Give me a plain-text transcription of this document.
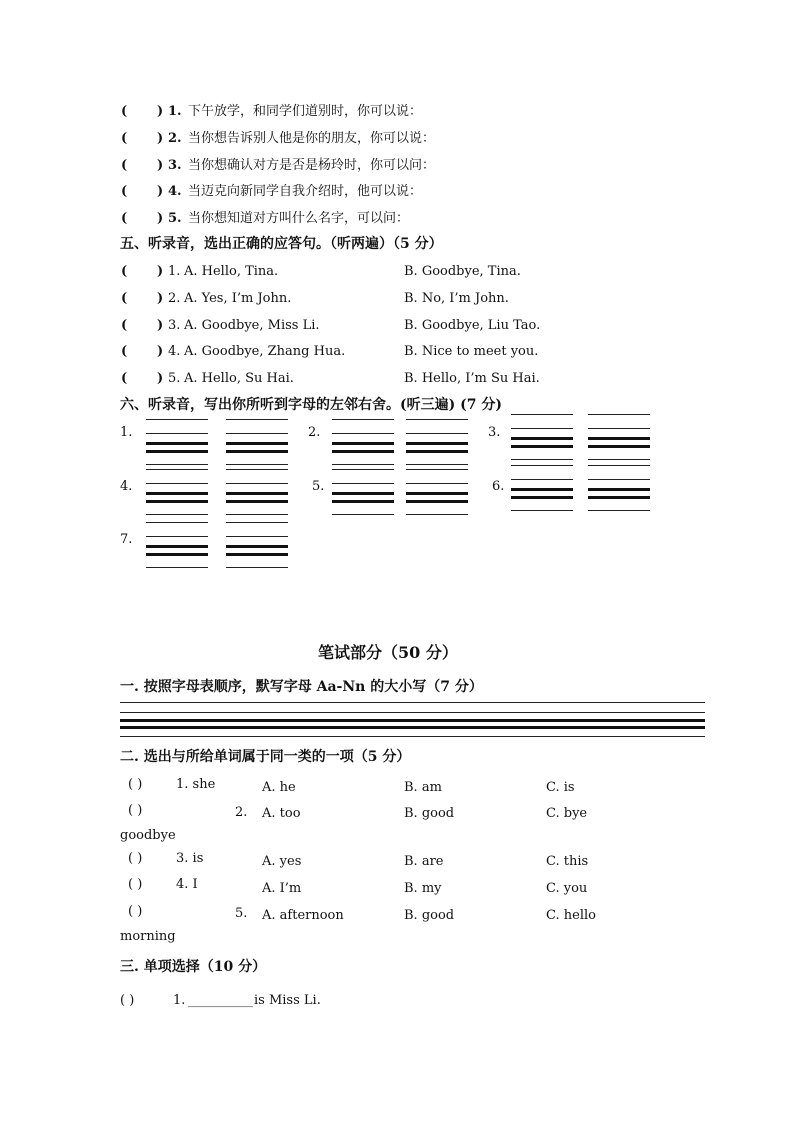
( ) 1. 下午放学，和同学们道别时，你可以说：
( ) 2. 当你想告诉别人他是你的朋友，你可以说：
( ) 3. 当你想确认对方是否是杨玲时，你可以问：
( ) 4. 当迈克向新同学自我介绍时，他可以说：
( ) 5. 当你想知道对方叫什么名字，可以问：
五、听录音，选出正确的应答句。（听两遍）（5 分）
( ) 1. A. Hello, Tina.	B. Goodbye, Tina.
( ) 2. A. Yes, I’m John.	B. No, I’m John.
( ) 3. A. Goodbye, Miss Li.	B. Goodbye, Liu Tao.
( ) 4. A. Goodbye, Zhang Hua.	B. Nice to meet you.
( ) 5. A. Hello, Su Hai.	B. Hello, I’m Su Hai.
六、听录音，写出你所听到字母的左邻右舍。(听三遍) (7 分)
1.	2.	3.
4.	5.	6.
7.
笔试部分（50 分）
一. 按照字母表顺序，默写字母 Aa-Nn 的大小写（7 分）
二. 选出与所给单词属于同一类的一项（5 分）
( )	1. she	A. he	B. am	C. is
( )	2. A. too	B. good	C. bye
goodbye
( )	3. is	A. yes	B. are	C. this
( )	4. I	A. I’m	B. my	C. you
( )	5. A. afternoon	B. good	C. hello
morning
三. 单项选择（10 分）
( )	1. __________ is Miss Li.
